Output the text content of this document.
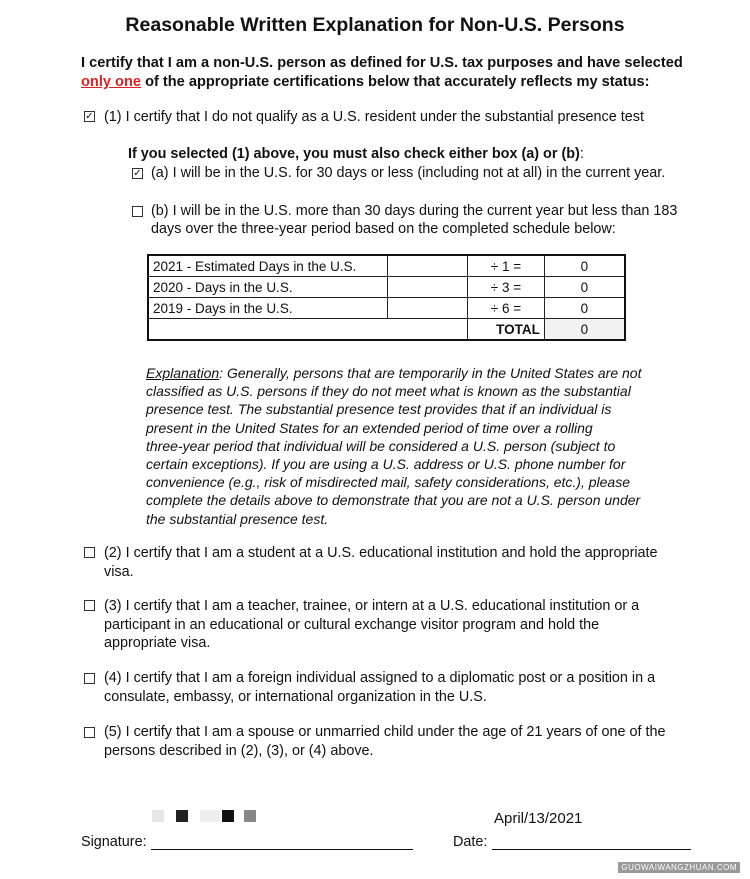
Reasonable Written Explanation for Non-U.S. Persons
I certify that I am a non-U.S. person as defined for U.S. tax purposes and have selected
only one of the appropriate certifications below that accurately reflects my status:
✓ (1) I certify that I do not qualify as a U.S. resident under the substantial presence test
If you selected (1) above, you must also check either box (a) or (b):
✓ (a) I will be in the U.S. for 30 days or less (including not at all) in the current year.
(b) I will be in the U.S. more than 30 days during the current year but less than 183
days over the three-year period based on the completed schedule below:
2021 - Estimated Days in the U.S.		÷ 1 =	0
2020 - Days in the U.S.		÷ 3 =	0
2019 - Days in the U.S.		÷ 6 =	0
		TOTAL	0
Explanation: Generally, persons that are temporarily in the United States are not
classified as U.S. persons if they do not meet what is known as the substantial
presence test. The substantial presence test provides that if an individual is
present in the United States for an extended period of time over a rolling
three-year period that individual will be considered a U.S. person (subject to
certain exceptions). If you are using a U.S. address or U.S. phone number for
convenience (e.g., risk of misdirected mail, safety considerations, etc.), please
complete the details above to demonstrate that you are not a U.S. person under
the substantial presence test.
(2) I certify that I am a student at a U.S. educational institution and hold the appropriate
visa.
(3) I certify that I am a teacher, trainee, or intern at a U.S. educational institution or a
participant in an educational or cultural exchange visitor program and hold the
appropriate visa.
(4) I certify that I am a foreign individual assigned to a diplomatic post or a position in a
consulate, embassy, or international organization in the U.S.
(5) I certify that I am a spouse or unmarried child under the age of 21 years of one of the
persons described in (2), (3), or (4) above.
Signature:
April/13/2021
Date:
GUOWAIWANGZHUAN.COM
